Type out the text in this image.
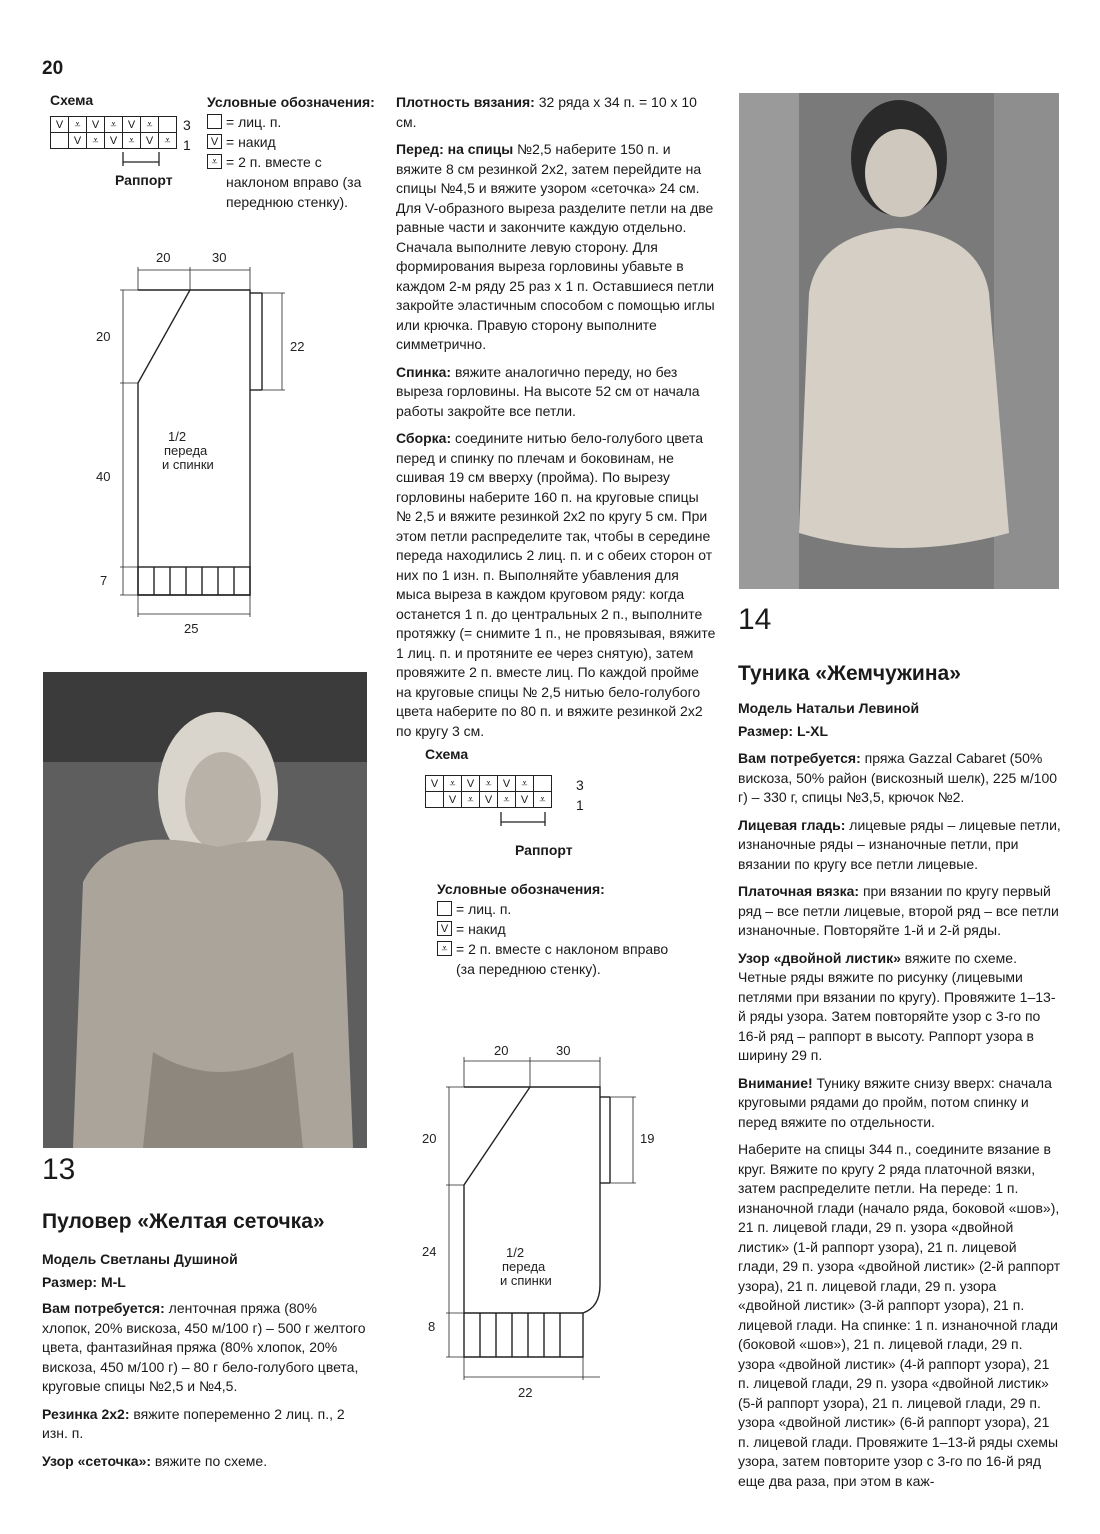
20
Схема
V	⩡	V	⩡	V	⩡	
	V	⩡	V	⩡	V	⩡
3
1
Раппорт
Условные обозначения:
= лиц. п.
V = накид
⩡ = 2 п. вместе с наклоном вправо (за переднюю стенку).
20	30
20
40
7
22
25
1/2
переда
и спинки

Плотность вязания: 32 ряда х 34 п. = 10 х 10 см.

Перед: на спицы №2,5 наберите 150 п. и вяжите 8 см резинкой 2х2, затем перейдите на спицы №4,5 и вяжите узором «сеточка» 24 см. Для V-образного выреза разделите петли на две равные части и закончите каждую отдельно. Сначала выполните левую сторону. Для формирования выреза горловины убавьте в каждом 2-м ряду 25 раз х 1 п. Оставшиеся петли закройте эластичным способом с помощью иглы или крючка. Правую сторону выполните симметрично.

Спинка: вяжите аналогично переду, но без выреза горловины. На высоте 52 см от начала работы закройте все петли.

Сборка: соедините нитью бело-голубого цвета перед и спинку по плечам и боковинам, не сшивая 19 см вверху (пройма). По вырезу горловины наберите 160 п. на круговые спицы № 2,5 и вяжите резинкой 2х2 по кругу 5 см. При этом петли распределите так, чтобы в середине переда находились 2 лиц. п. и с обеих сторон от них по 1 изн. п. Выполняйте убавления для мыса выреза в каждом круговом ряду: когда останется 1 п. до центральных 2 п., выполните протяжку (= снимите 1 п., не провязывая, вяжите 1 лиц. п. и протяните ее через снятую), затем провяжите 2 п. вместе лиц. По каждой пройме на круговые спицы № 2,5 нитью бело-голубого цвета наберите по 80 п. и вяжите резинкой 2х2 по кругу 3 см.

14
Туника «Жемчужина»
Модель Натальи Левиной
Размер: L-XL

Вам потребуется: пряжа Gazzal Cabaret (50% вискоза, 50% район (вискозный шелк), 225 м/100 г) – 330 г, спицы №3,5, крючок №2.

Лицевая гладь: лицевые ряды – лицевые петли, изнаночные ряды – изнаночные петли, при вязании по кругу все петли лицевые.

Платочная вязка: при вязании по кругу первый ряд – все петли лицевые, второй ряд – все петли изнаночные. Повторяйте 1-й и 2-й ряды.

Узор «двойной листик» вяжите по схеме. Четные ряды вяжите по рисунку (лицевыми петлями при вязании по кругу). Провяжите 1–13-й ряды узора. Затем повторяйте узор с 3-го по 16-й ряд – раппорт в высоту. Раппорт узора в ширину 29 п.

Внимание! Тунику вяжите снизу вверх: сначала круговыми рядами до пройм, потом спинку и перед вяжите по отдельности.

Наберите на спицы 344 п., соедините вязание в круг. Вяжите по кругу 2 ряда платочной вязки, затем распределите петли. На переде: 1 п. изнаночной глади (начало ряда, боковой «шов»), 21 п. лицевой глади, 29 п. узора «двойной листик» (1-й раппорт узора), 21 п. лицевой глади, 29 п. узора «двойной листик» (2-й раппорт узора), 21 п. лицевой глади, 29 п. узора «двойной листик» (3-й раппорт узора), 21 п. лицевой глади. На спинке: 1 п. изнаночной глади (боковой «шов»), 21 п. лицевой глади, 29 п. узора «двойной листик» (4-й раппорт узора), 21 п. лицевой глади, 29 п. узора «двойной листик» (5-й раппорт узора), 21 п. лицевой глади, 29 п. узора «двойной листик» (6-й раппорт узора), 21 п. лицевой глади. Провяжите 1–13-й ряды схемы узора, затем повторите узор с 3-го по 16-й ряд еще два раза, при этом в каж-

13
Пуловер «Желтая сеточка»
Модель Светланы Душиной
Размер: M-L

Вам потребуется: ленточная пряжа (80% хлопок, 20% вискоза, 450 м/100 г) – 500 г желтого цвета, фантазийная пряжа (80% хлопок, 20% вискоза, 450 м/100 г) – 80 г бело-голубого цвета, круговые спицы №2,5 и №4,5.

Резинка 2х2: вяжите попеременно 2 лиц. п., 2 изн. п.

Узор «сеточка»: вяжите по схеме.

Схема
V	⩡	V	⩡	V	⩡	
	V	⩡	V	⩡	V	⩡
3
1
Раппорт
Условные обозначения:
= лиц. п.
V = накид
⩡ = 2 п. вместе с наклоном вправо (за переднюю стенку).
20	30
20
24
8
19
22
1/2
переда
и спинки
